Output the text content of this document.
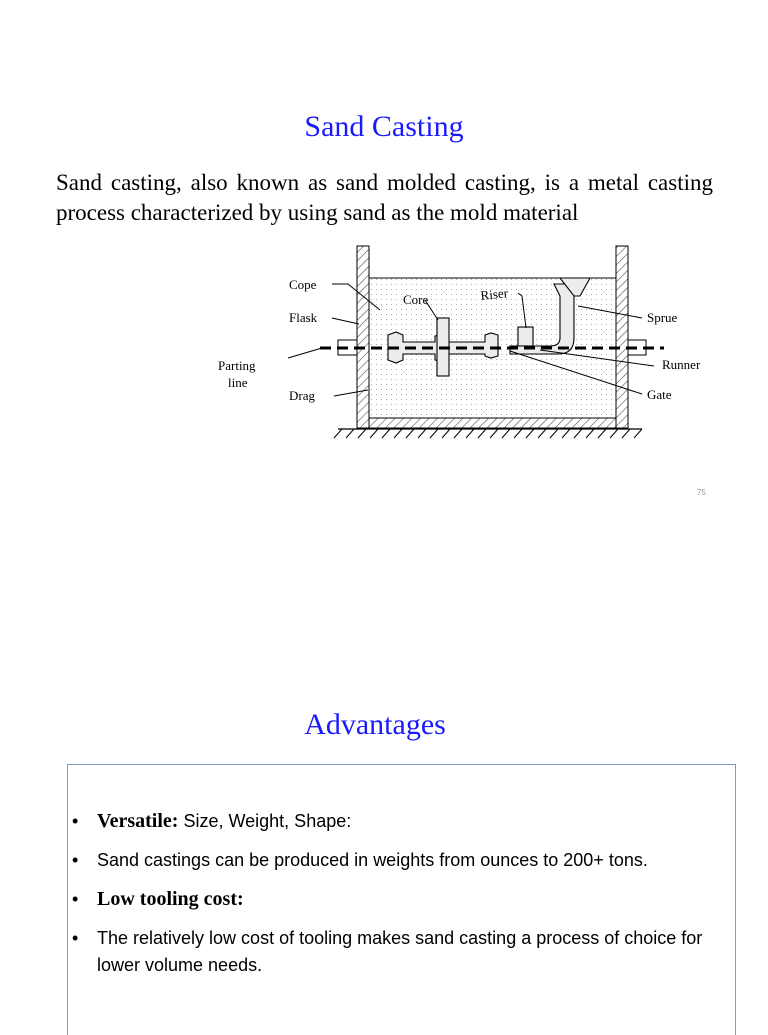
Sand Casting
Sand casting, also known as sand molded casting, is a metal casting process characterized by using sand as the mold material
Cope
Flask
Parting
line
Drag
Core	Riser
Sprue
Runner
Gate
75
Advantages
• Versatile: Size, Weight, Shape:
• Sand castings can be produced in weights from ounces to 200+ tons.
• Low tooling cost:
• The relatively low cost of tooling makes sand casting a process of choice for lower volume needs.
